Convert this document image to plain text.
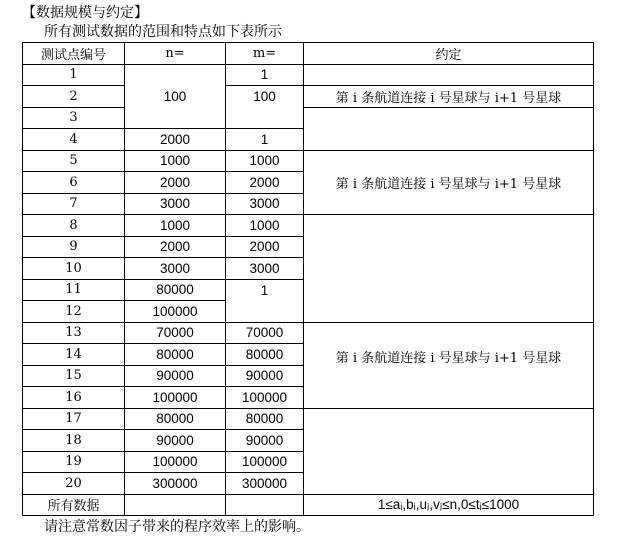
【数据规模与约定】
所有测试数据的范围和特点如下表所示
测试点编号	n=	m=	约定
1	100	1	
2		100	第 i 条航道连接 i 号星球与 i+1 号星球
3			
4	2000	1	
5	1000	1000	第 i 条航道连接 i 号星球与 i+1 号星球
6	2000	2000	
7	3000	3000	
8	1000	1000	
9	2000	2000	
10	3000	3000	
11	80000	1	
12	100000		
13	70000	70000	第 i 条航道连接 i 号星球与 i+1 号星球
14	80000	80000	
15	90000	90000	
16	100000	100000	
17	80000	80000	
18	90000	90000	
19	100000	100000	
20	300000	300000	
所有数据			1≤aᵢ,bᵢ,uⱼ,vⱼ≤n,0≤tᵢ≤1000
请注意常数因子带来的程序效率上的影响。
